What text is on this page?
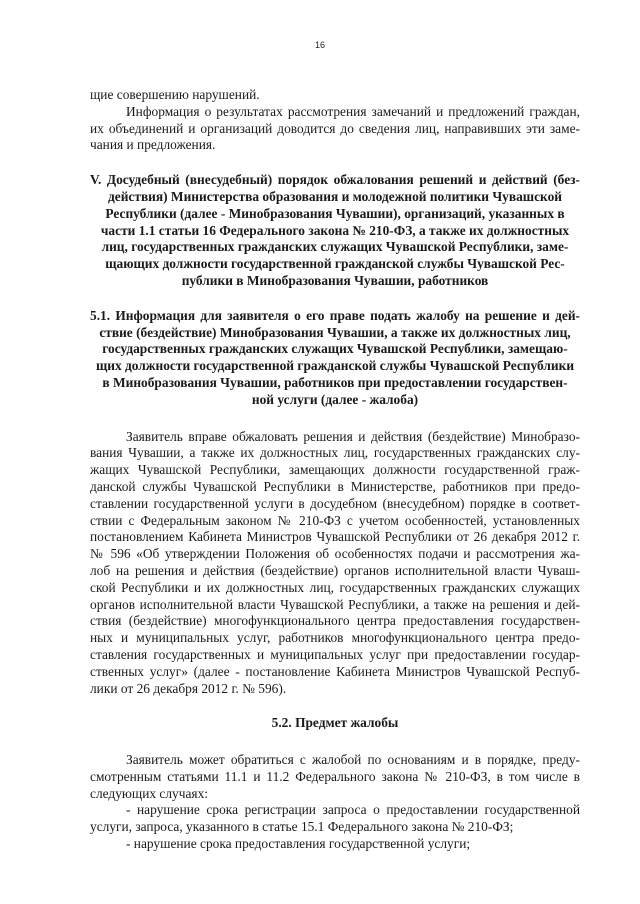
16
щие совершению нарушений.
Информация о результатах рассмотрения замечаний и предложений граждан,
их объединений и организаций доводится до сведения лиц, направивших эти заме-
чания и предложения.
V. Досудебный (внесудебный) порядок обжалования решений и действий (без-
действия) Министерства образования и молодежной политики Чувашской
Республики (далее - Минобразования Чувашии), организаций, указанных в
части 1.1 статьи 16 Федерального закона № 210-ФЗ, а также их должностных
лиц, государственных гражданских служащих Чувашской Республики, заме-
щающих должности государственной гражданской службы Чувашской Рес-
публики в Минобразования Чувашии, работников
5.1. Информация для заявителя о его праве подать жалобу на решение и дей-
ствие (бездействие) Минобразования Чувашии, а также их должностных лиц,
государственных гражданских служащих Чувашской Республики, замещаю-
щих должности государственной гражданской службы Чувашской Республики
в Минобразования Чувашии, работников при предоставлении государствен-
ной услуги (далее - жалоба)
Заявитель вправе обжаловать решения и действия (бездействие) Минобразо-
вания Чувашии, а также их должностных лиц, государственных гражданских слу-
жащих Чувашской Республики, замещающих должности государственной граж-
данской службы Чувашской Республики в Министерстве, работников при предо-
ставлении государственной услуги в досудебном (внесудебном) порядке в соответ-
ствии с Федеральным законом № 210-ФЗ с учетом особенностей, установленных
постановлением Кабинета Министров Чувашской Республики от 26 декабря 2012 г.
№ 596 «Об утверждении Положения об особенностях подачи и рассмотрения жа-
лоб на решения и действия (бездействие) органов исполнительной власти Чуваш-
ской Республики и их должностных лиц, государственных гражданских служащих
органов исполнительной власти Чувашской Республики, а также на решения и дей-
ствия (бездействие) многофункционального центра предоставления государствен-
ных и муниципальных услуг, работников многофункционального центра предо-
ставления государственных и муниципальных услуг при предоставлении государ-
ственных услуг» (далее - постановление Кабинета Министров Чувашской Респуб-
лики от 26 декабря 2012 г. № 596).
5.2. Предмет жалобы
Заявитель может обратиться с жалобой по основаниям и в порядке, преду-
смотренным статьями 11.1 и 11.2 Федерального закона № 210-ФЗ, в том числе в
следующих случаях:
- нарушение срока регистрации запроса о предоставлении государственной
услуги, запроса, указанного в статье 15.1 Федерального закона № 210-ФЗ;
- нарушение срока предоставления государственной услуги;
